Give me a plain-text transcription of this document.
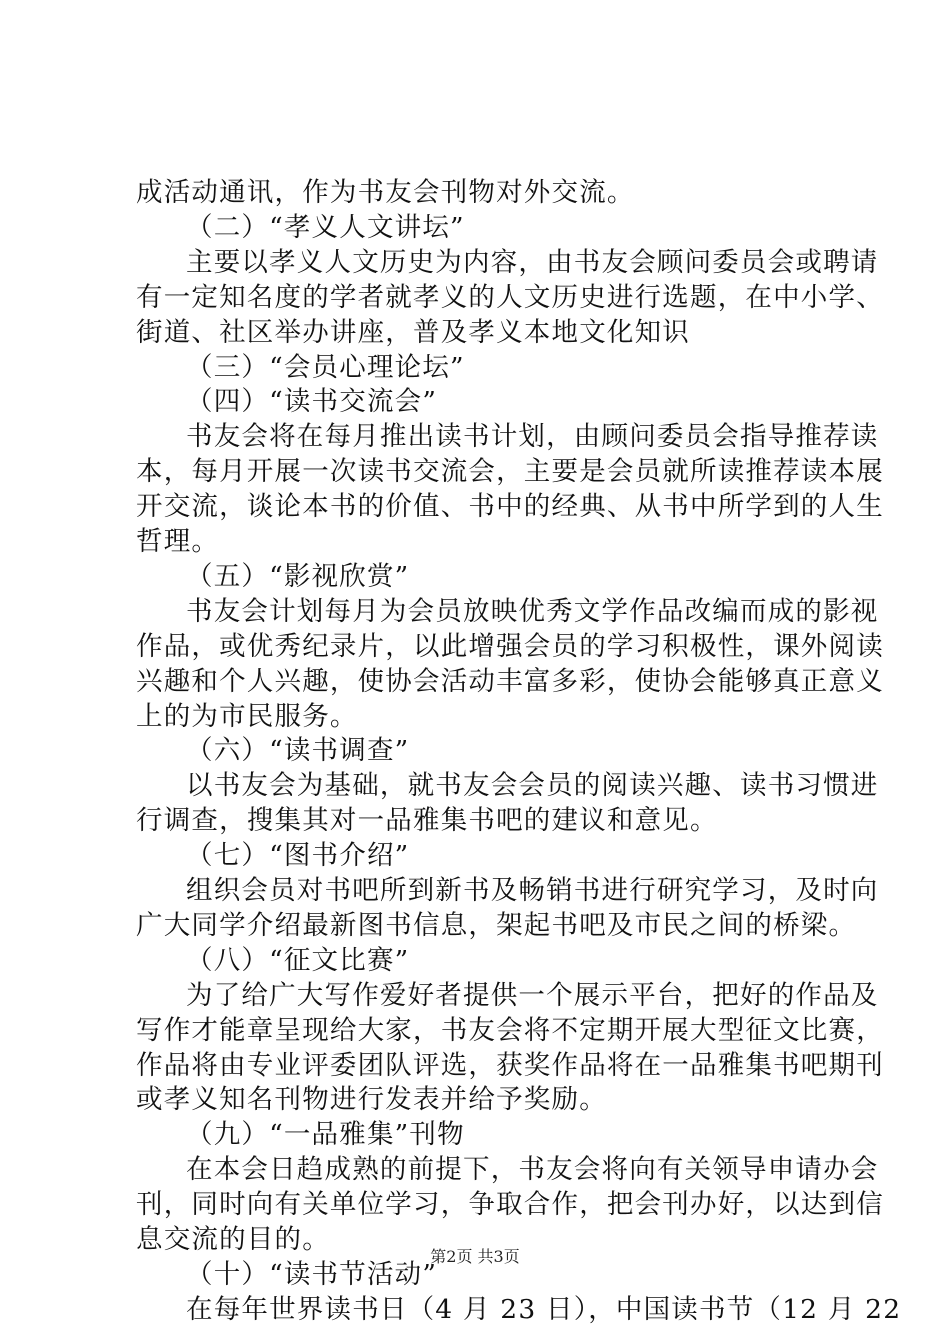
成活动通讯，作为书友会刊物对外交流。
（二）“孝义人文讲坛”
主要以孝义人文历史为内容，由书友会顾问委员会或聘请
有一定知名度的学者就孝义的人文历史进行选题，在中小学、
街道、社区举办讲座，普及孝义本地文化知识
（三）“会员心理论坛”
（四）“读书交流会”
书友会将在每月推出读书计划，由顾问委员会指导推荐读
本，每月开展一次读书交流会，主要是会员就所读推荐读本展
开交流，谈论本书的价值、书中的经典、从书中所学到的人生
哲理。
（五）“影视欣赏”
书友会计划每月为会员放映优秀文学作品改编而成的影视
作品，或优秀纪录片，以此增强会员的学习积极性，课外阅读
兴趣和个人兴趣，使协会活动丰富多彩，使协会能够真正意义
上的为市民服务。
（六）“读书调查”
以书友会为基础，就书友会会员的阅读兴趣、读书习惯进
行调查，搜集其对一品雅集书吧的建议和意见。
（七）“图书介绍”
组织会员对书吧所到新书及畅销书进行研究学习，及时向
广大同学介绍最新图书信息，架起书吧及市民之间的桥梁。
（八）“征文比赛”
为了给广大写作爱好者提供一个展示平台，把好的作品及
写作才能章呈现给大家，书友会将不定期开展大型征文比赛，
作品将由专业评委团队评选，获奖作品将在一品雅集书吧期刊
或孝义知名刊物进行发表并给予奖励。
（九）“一品雅集”刊物
在本会日趋成熟的前提下，书友会将向有关领导申请办会
刊，同时向有关单位学习，争取合作，把会刊办好，以达到信
息交流的目的。
（十）“读书节活动”
在每年世界读书日（4 月 23 日），中国读书节（12 月 22
第2页 共3页
